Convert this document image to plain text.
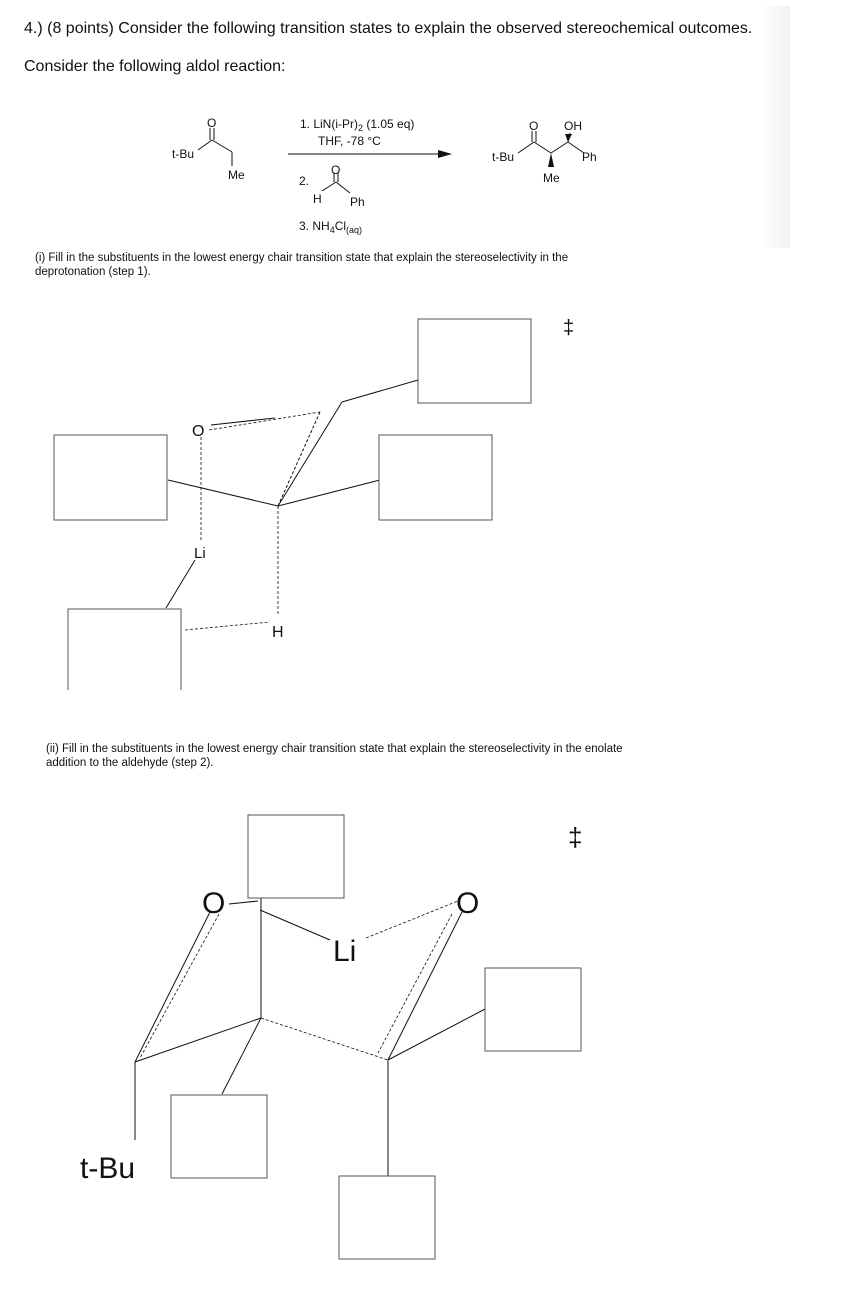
4.) (8 points) Consider the following transition states to explain the observed stereochemical outcomes.
Consider the following aldol reaction:
t-Bu
O
Me
1. $LiN(i-Pr)_2$ (1.05 eq)
THF, -78 °C
2.
O
H Ph
3. $NH_4Cl_{(aq)}$
t-Bu
O OH
Ph
Me
(i) Fill in the substituents in the lowest energy chair transition state that explain the stereoselectivity in the deprotonation (step 1).
‡
O
Li
H
(ii) Fill in the substituents in the lowest energy chair transition state that explain the stereoselectivity in the enolate addition to the aldehyde (step 2).
‡
O	O
Li
t-Bu
